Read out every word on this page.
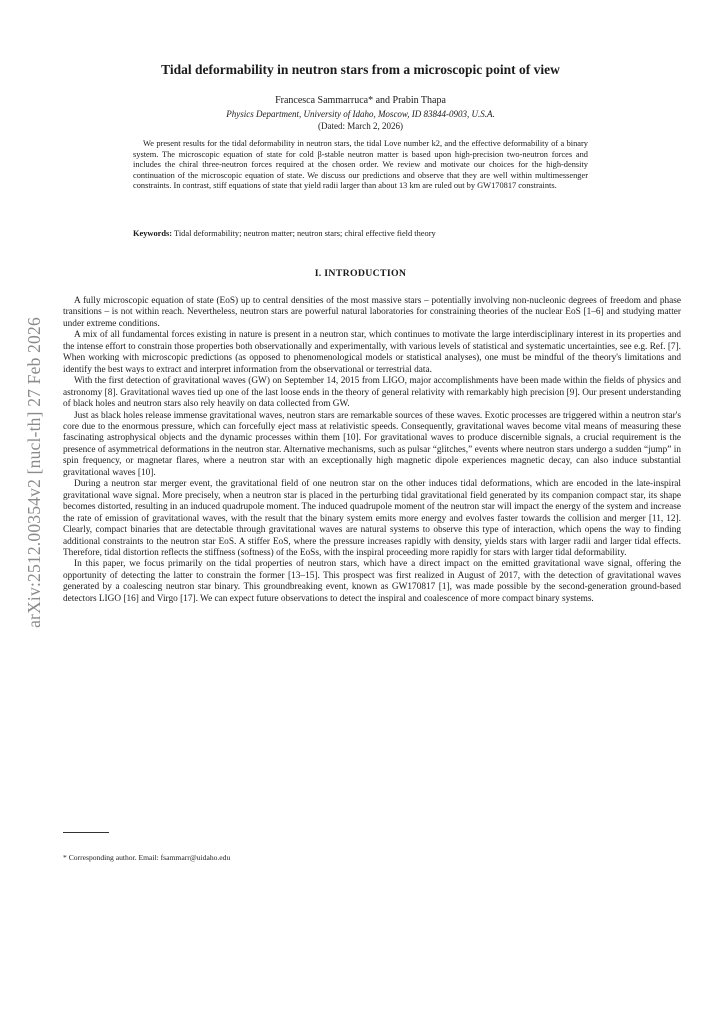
arXiv:2512.00354v2 [nucl-th] 27 Feb 2026
Tidal deformability in neutron stars from a microscopic point of view
Francesca Sammarruca* and Prabin Thapa
Physics Department, University of Idaho, Moscow, ID 83844-0903, U.S.A.
(Dated: March 2, 2026)
We present results for the tidal deformability in neutron stars, the tidal Love number k2, and the effective deformability of a binary system. The microscopic equation of state for cold β-stable neutron matter is based upon high-precision two-neutron forces and includes the chiral three-neutron forces required at the chosen order. We review and motivate our choices for the high-density continuation of the microscopic equation of state. We discuss our predictions and observe that they are well within multimessenger constraints. In contrast, stiff equations of state that yield radii larger than about 13 km are ruled out by GW170817 constraints.
Keywords: Tidal deformability; neutron matter; neutron stars; chiral effective field theory
I. INTRODUCTION

A fully microscopic equation of state (EoS) up to central densities of the most massive stars – potentially involving non-nucleonic degrees of freedom and phase transitions – is not within reach. Nevertheless, neutron stars are powerful natural laboratories for constraining theories of the nuclear EoS [1–6] and studying matter under extreme conditions.

A mix of all fundamental forces existing in nature is present in a neutron star, which continues to motivate the large interdisciplinary interest in its properties and the intense effort to constrain those properties both observationally and experimentally, with various levels of statistical and systematic uncertainties, see e.g. Ref. [7]. When working with microscopic predictions (as opposed to phenomenological models or statistical analyses), one must be mindful of the theory's limitations and identify the best ways to extract and interpret information from the observational or terrestrial data.

With the first detection of gravitational waves (GW) on September 14, 2015 from LIGO, major accomplishments have been made within the fields of physics and astronomy [8]. Gravitational waves tied up one of the last loose ends in the theory of general relativity with remarkably high precision [9]. Our present understanding of black holes and neutron stars also rely heavily on data collected from GW.

Just as black holes release immense gravitational waves, neutron stars are remarkable sources of these waves. Exotic processes are triggered within a neutron star's core due to the enormous pressure, which can forcefully eject mass at relativistic speeds. Consequently, gravitational waves become vital means of measuring these fascinating astrophysical objects and the dynamic processes within them [10]. For gravitational waves to produce discernible signals, a crucial requirement is the presence of asymmetrical deformations in the neutron star. Alternative mechanisms, such as pulsar “glitches,” events where neutron stars undergo a sudden “jump” in spin frequency, or magnetar flares, where a neutron star with an exceptionally high magnetic dipole experiences magnetic decay, can also induce substantial gravitational waves [10].

During a neutron star merger event, the gravitational field of one neutron star on the other induces tidal deformations, which are encoded in the late-inspiral gravitational wave signal. More precisely, when a neutron star is placed in the perturbing tidal gravitational field generated by its companion compact star, its shape becomes distorted, resulting in an induced quadrupole moment. The induced quadrupole moment of the neutron star will impact the energy of the system and increase the rate of emission of gravitational waves, with the result that the binary system emits more energy and evolves faster towards the collision and merger [11, 12]. Clearly, compact binaries that are detectable through gravitational waves are natural systems to observe this type of interaction, which opens the way to finding additional constraints to the neutron star EoS. A stiffer EoS, where the pressure increases rapidly with density, yields stars with larger radii and larger tidal effects. Therefore, tidal distortion reflects the stiffness (softness) of the EoSs, with the inspiral proceeding more rapidly for stars with larger tidal deformability.

In this paper, we focus primarily on the tidal properties of neutron stars, which have a direct impact on the emitted gravitational wave signal, offering the opportunity of detecting the latter to constrain the former [13–15]. This prospect was first realized in August of 2017, with the detection of gravitational waves generated by a coalescing neutron star binary. This groundbreaking event, known as GW170817 [1], was made possible by the second-generation ground-based detectors LIGO [16] and Virgo [17]. We can expect future observations to detect the inspiral and coalescence of more compact binary systems.

* Corresponding author. Email: fsammarr@uidaho.edu
